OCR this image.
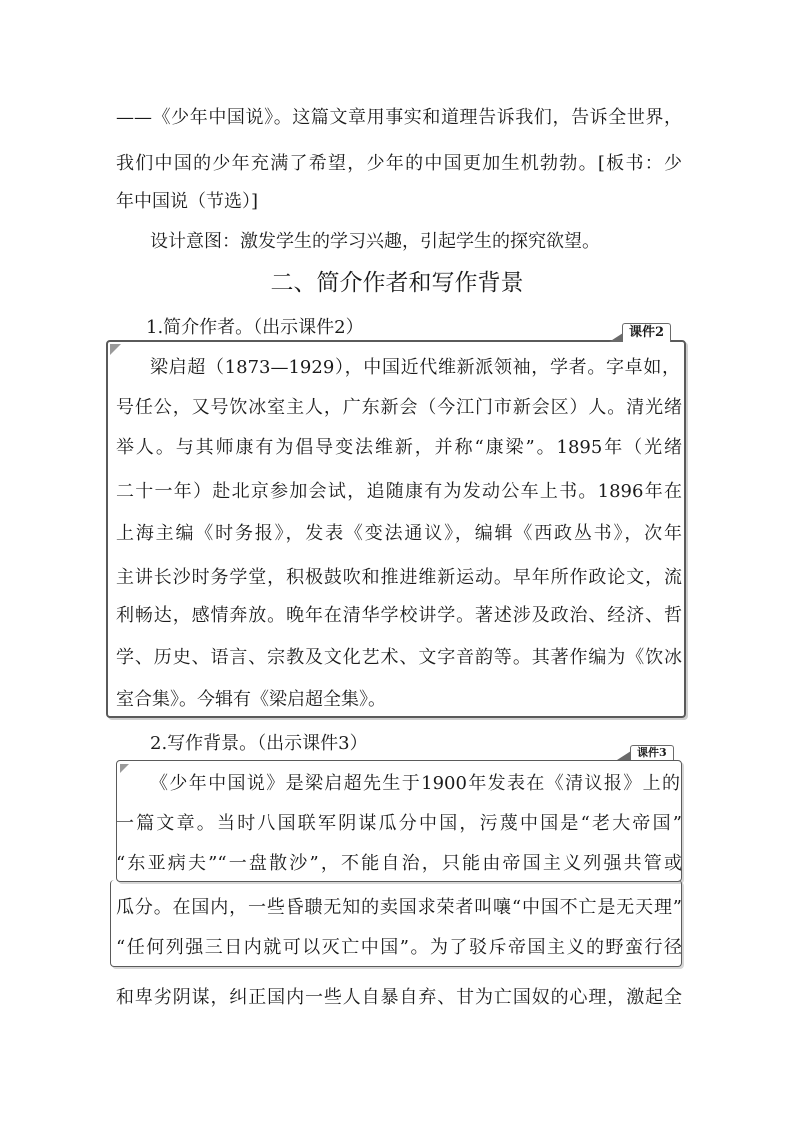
——《少年中国说》。这篇文章用事实和道理告诉我们，告诉全世界，
我们中国的少年充满了希望，少年的中国更加生机勃勃。[板书：少
年中国说（节选）]
设计意图：激发学生的学习兴趣，引起学生的探究欲望。
二、简介作者和写作背景
1.简介作者。（出示课件2）	课件2
梁启超（1873—1929），中国近代维新派领袖，学者。字卓如，
号任公，又号饮冰室主人，广东新会（今江门市新会区）人。清光绪
举人。与其师康有为倡导变法维新，并称“康梁”。1895年（光绪
二十一年）赴北京参加会试，追随康有为发动公车上书。1896年在
上海主编《时务报》，发表《变法通议》，编辑《西政丛书》，次年
主讲长沙时务学堂，积极鼓吹和推进维新运动。早年所作政论文，流
利畅达，感情奔放。晚年在清华学校讲学。著述涉及政治、经济、哲
学、历史、语言、宗教及文化艺术、文字音韵等。其著作编为《饮冰
室合集》。今辑有《梁启超全集》。
2.写作背景。（出示课件3）	课件3
《少年中国说》是梁启超先生于1900年发表在《清议报》上的
一篇文章。当时八国联军阴谋瓜分中国，污蔑中国是“老大帝国”
“东亚病夫”“一盘散沙”，不能自治，只能由帝国主义列强共管或
瓜分。在国内，一些昏聩无知的卖国求荣者叫嚷“中国不亡是无天理”
“任何列强三日内就可以灭亡中国”。为了驳斥帝国主义的野蛮行径
和卑劣阴谋，纠正国内一些人自暴自弃、甘为亡国奴的心理，激起全
